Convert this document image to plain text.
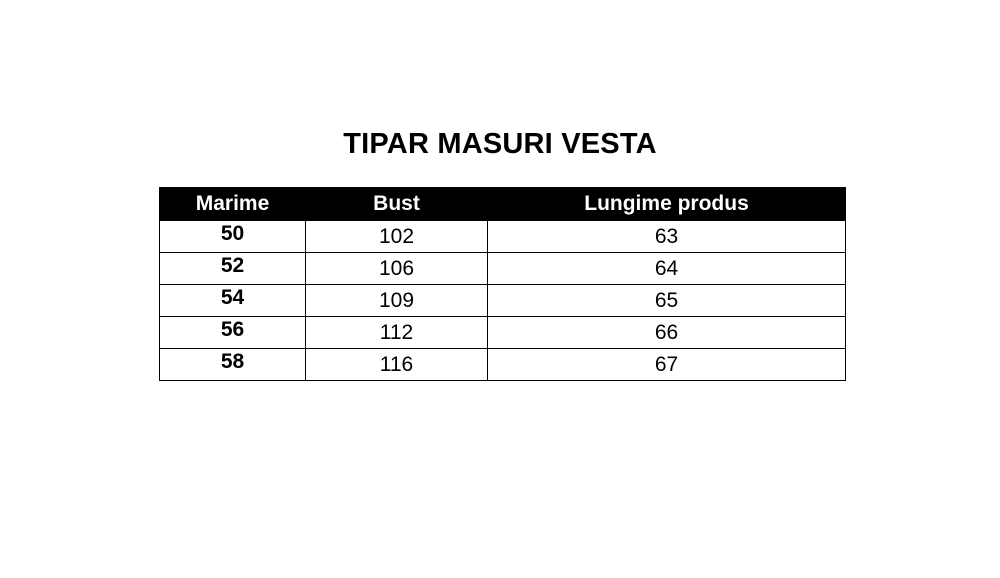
TIPAR MASURI VESTA
Marime	Bust	Lungime produs
50	102	63
52	106	64
54	109	65
56	112	66
58	116	67
